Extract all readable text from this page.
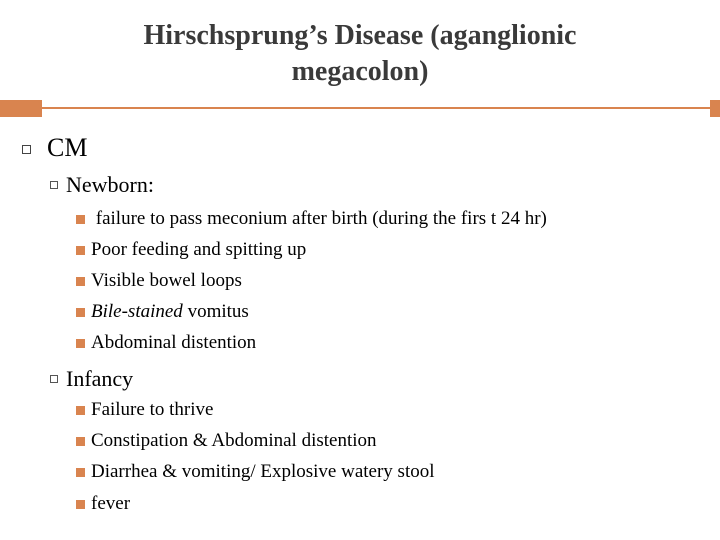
Hirschsprung’s Disease (aganglionic
megacolon)
CM
Newborn:
failure to pass meconium after birth (during the firs t 24 hr)
Poor feeding and spitting up
Visible bowel loops
Bile-stained vomitus
Abdominal distention
Infancy
Failure to thrive
Constipation & Abdominal distention
Diarrhea & vomiting/ Explosive watery stool
fever
